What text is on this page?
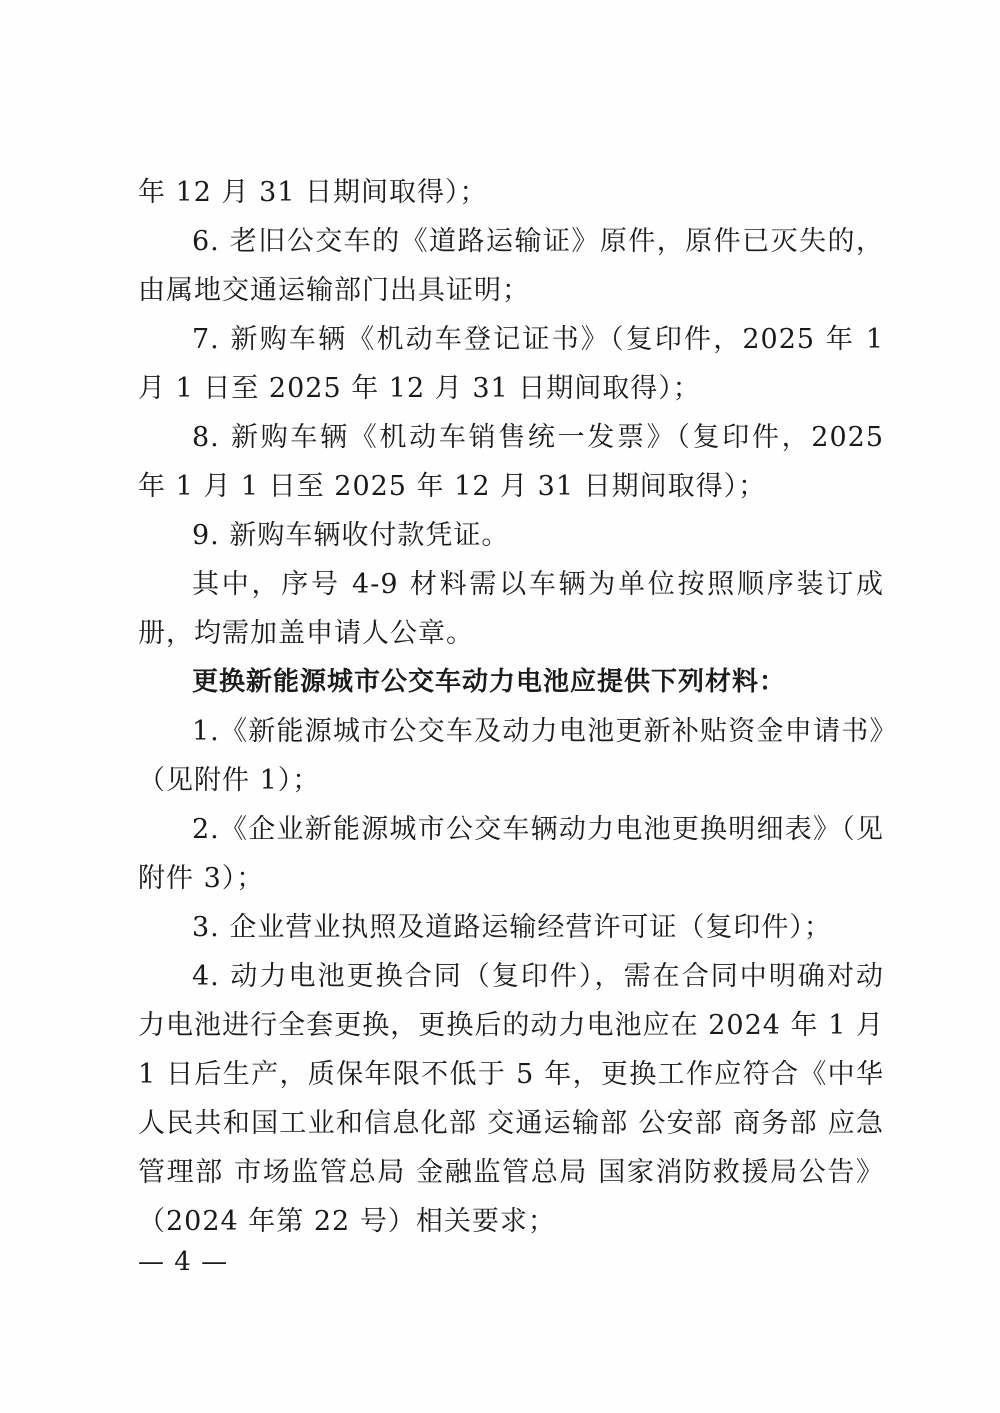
年 12 月 31 日期间取得）；

6. 老旧公交车的《道路运输证》原件，原件已灭失的，由属地交通运输部门出具证明；

7. 新购车辆《机动车登记证书》（复印件，2025 年 1 月 1 日至 2025 年 12 月 31 日期间取得）；

8. 新购车辆《机动车销售统一发票》（复印件，2025 年 1 月 1 日至 2025 年 12 月 31 日期间取得）；

9. 新购车辆收付款凭证。

其中，序号 4-9 材料需以车辆为单位按照顺序装订成册，均需加盖申请人公章。

更换新能源城市公交车动力电池应提供下列材料：

1.《新能源城市公交车及动力电池更新补贴资金申请书》（见附件 1）；

2.《企业新能源城市公交车辆动力电池更换明细表》（见附件 3）；

3. 企业营业执照及道路运输经营许可证（复印件）；

4. 动力电池更换合同（复印件），需在合同中明确对动力电池进行全套更换，更换后的动力电池应在 2024 年 1 月 1 日后生产，质保年限不低于 5 年，更换工作应符合《中华人民共和国工业和信息化部 交通运输部 公安部 商务部 应急管理部 市场监管总局 金融监管总局 国家消防救援局公告》（2024 年第 22 号）相关要求；

— 4 —
